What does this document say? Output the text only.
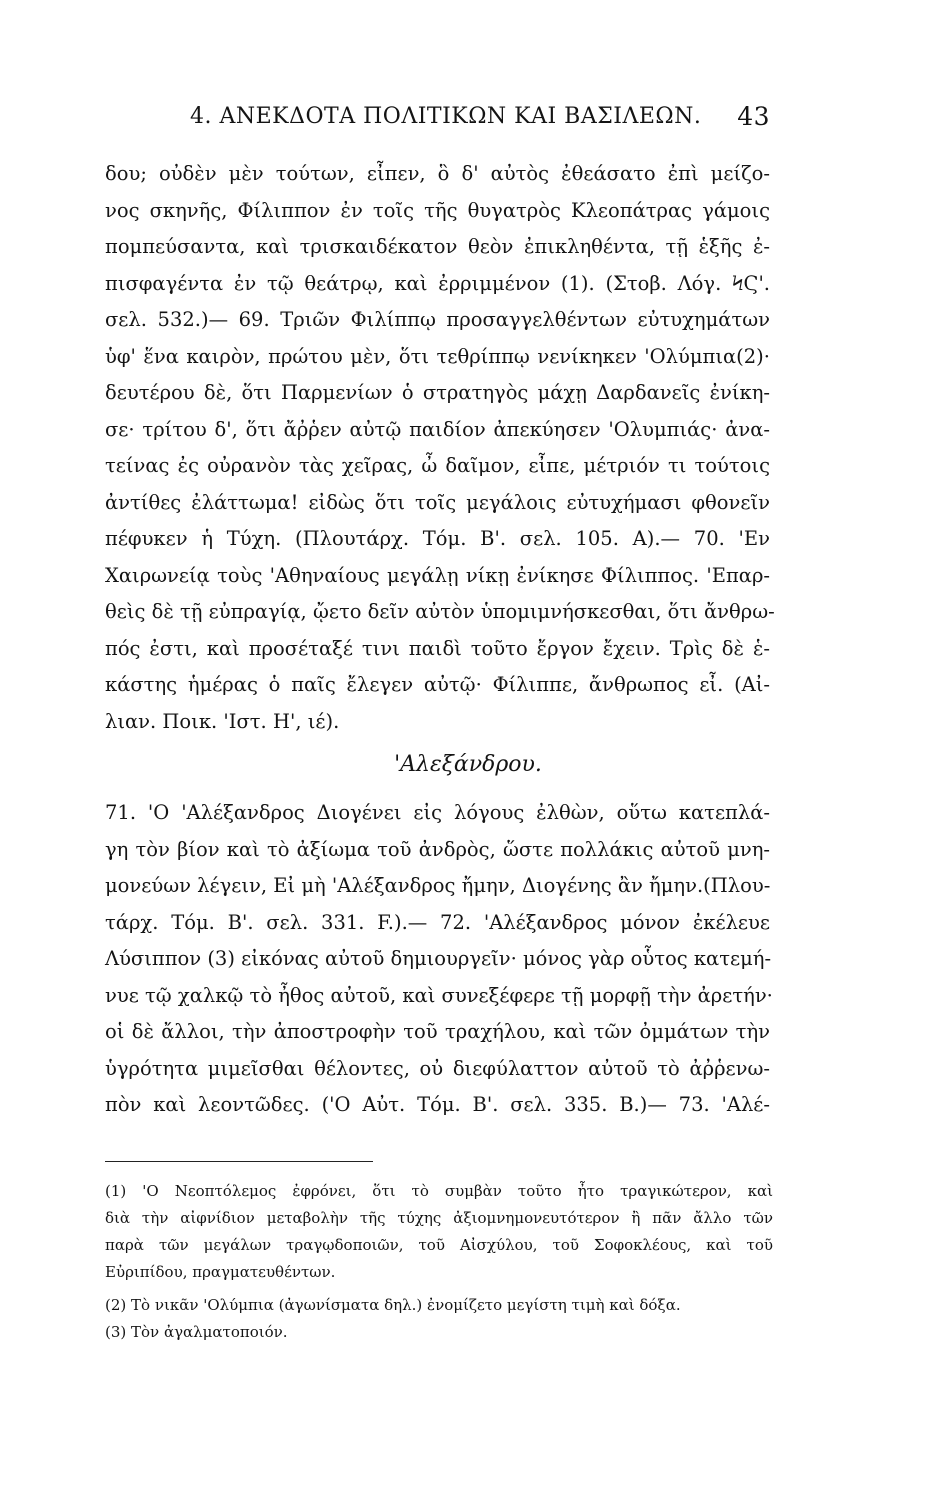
4. ΑΝΕΚΔΟΤΑ ΠΟΛΙΤΙΚΩΝ ΚΑΙ ΒΑΣΙΛΕΩΝ. 43
δου; οὐδὲν μὲν τούτων, εἶπεν, ὃ δ' αὐτὸς ἐθεάσατο ἐπὶ μείζο-
νος σκηνῆς, Φίλιππον ἐν τοῖς τῆς θυγατρὸς Κλεοπάτρας γάμοις
πομπεύσαντα, καὶ τρισκαιδέκατον θεὸν ἐπικληθέντα, τῇ ἑξῆς ἐ-
πισφαγέντα ἐν τῷ θεάτρῳ, καὶ ἐρριμμένον (1). (Στοβ. Λόγ. ϞϚ'.
σελ. 532.)— 69. Τριῶν Φιλίππῳ προσαγγελθέντων εὐτυχημάτων
ὑφ' ἕνα καιρὸν, πρώτου μὲν, ὅτι τεθρίππῳ νενίκηκεν 'Ολύμπια(2)·
δευτέρου δὲ, ὅτι Παρμενίων ὁ στρατηγὸς μάχῃ Δαρδανεῖς ἐνίκη-
σε· τρίτου δ', ὅτι ἄῤῥεν αὐτῷ παιδίον ἀπεκύησεν 'Ολυμπιάς· ἀνα-
τείνας ἐς οὐρανὸν τὰς χεῖρας, ὦ δαῖμον, εἶπε, μέτριόν τι τούτοις
ἀντίθες ἐλάττωμα! εἰδὼς ὅτι τοῖς μεγάλοις εὐτυχήμασι φθονεῖν
πέφυκεν ἡ Τύχη. (Πλουτάρχ. Τόμ. Β'. σελ. 105. Α).— 70. 'Εν
Χαιρωνείᾳ τοὺς 'Αθηναίους μεγάλῃ νίκῃ ἐνίκησε Φίλιππος. 'Επαρ-
θεὶς δὲ τῇ εὐπραγίᾳ, ᾤετο δεῖν αὐτὸν ὑπομιμνήσκεσθαι, ὅτι ἄνθρω-
πός ἐστι, καὶ προσέταξέ τινι παιδὶ τοῦτο ἔργον ἔχειν. Τρὶς δὲ ἑ-
κάστης ἡμέρας ὁ παῖς ἔλεγεν αὐτῷ· Φίλιππε, ἄνθρωπος εἶ. (Αἰ-
λιαν. Ποικ. 'Ιστ. Η', ιέ).
'Αλεξάνδρου.
71. 'Ο 'Αλέξανδρος Διογένει εἰς λόγους ἐλθὼν, οὕτω κατεπλά-
γη τὸν βίον καὶ τὸ ἀξίωμα τοῦ ἀνδρὸς, ὥστε πολλάκις αὐτοῦ μνη-
μονεύων λέγειν, Εἰ μὴ 'Αλέξανδρος ἤμην, Διογένης ἂν ἤμην.(Πλου-
τάρχ. Τόμ. Β'. σελ. 331. F.).— 72. 'Αλέξανδρος μόνον ἐκέλευε
Λύσιππον (3) εἰκόνας αὐτοῦ δημιουργεῖν· μόνος γὰρ οὗτος κατεμή-
νυε τῷ χαλκῷ τὸ ἦθος αὐτοῦ, καὶ συνεξέφερε τῇ μορφῇ τὴν ἀρετήν·
οἱ δὲ ἄλλοι, τὴν ἀποστροφὴν τοῦ τραχήλου, καὶ τῶν ὀμμάτων τὴν
ὑγρότητα μιμεῖσθαι θέλοντες, οὐ διεφύλαττον αὐτοῦ τὸ ἀῤῥενω-
πὸν καὶ λεοντῶδες. ('Ο Αὐτ. Τόμ. Β'. σελ. 335. Β.)— 73. 'Αλέ-
(1) 'Ο Νεοπτόλεμος ἐφρόνει, ὅτι τὸ συμβὰν τοῦτο ἦτο τραγικώτερον, καὶ
διὰ τὴν αἰφνίδιον μεταβολὴν τῆς τύχης ἀξιομνημονευτότερον ἢ πᾶν ἄλλο τῶν
παρὰ τῶν μεγάλων τραγῳδοποιῶν, τοῦ Αἰσχύλου, τοῦ Σοφοκλέους, καὶ τοῦ
Εὐριπίδου, πραγματευθέντων.
(2) Τὸ νικᾶν 'Ολύμπια (ἀγωνίσματα δηλ.) ἐνομίζετο μεγίστη τιμὴ καὶ δόξα.
(3) Τὸν ἀγαλματοποιόν.
